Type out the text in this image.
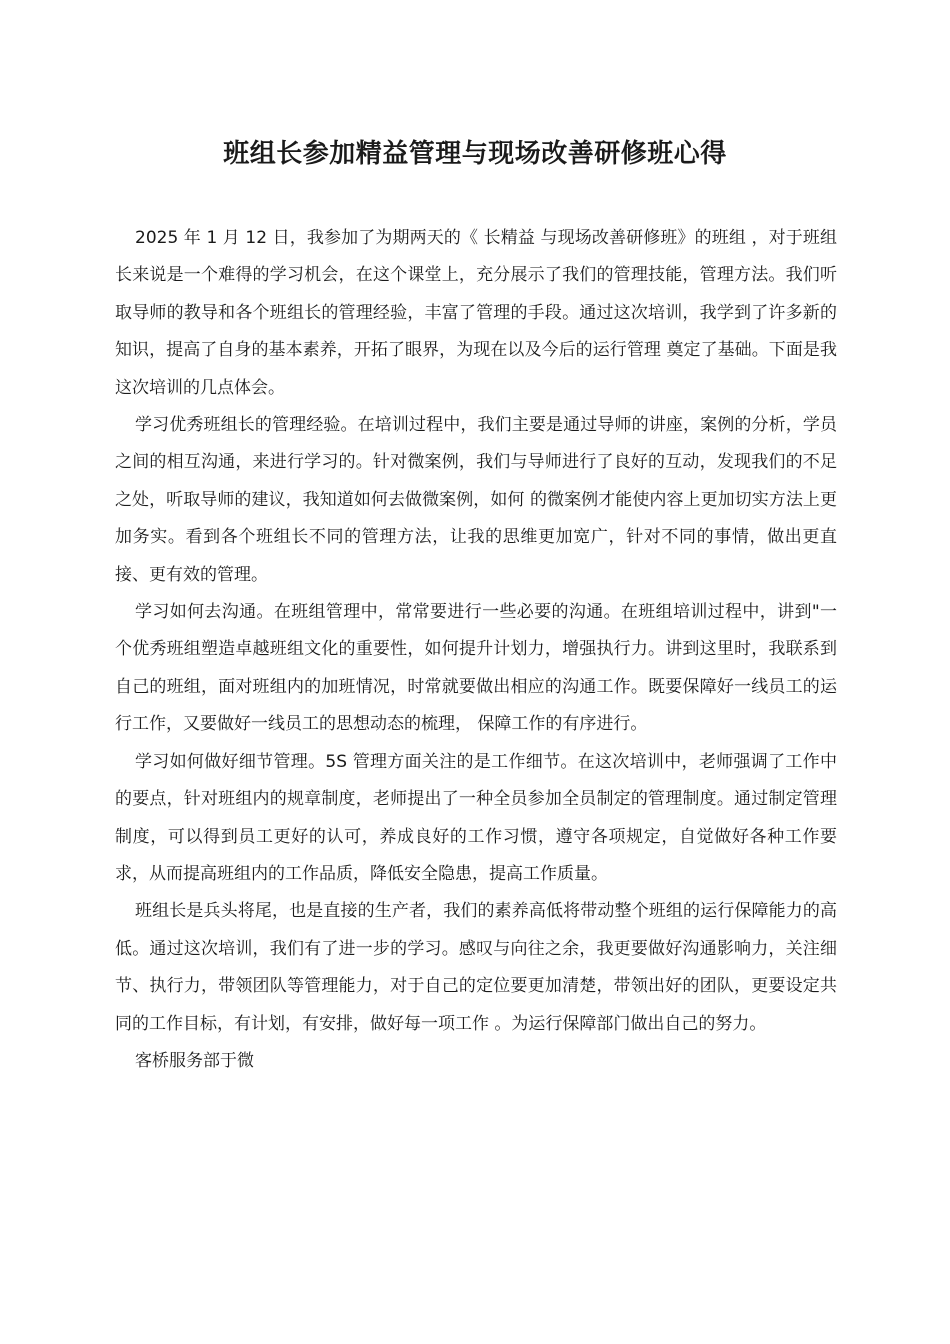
班组长参加精益管理与现场改善研修班心得

2025 年 1 月 12 日，我参加了为期两天的《 长精益 与现场改善研修班》的班组 ，对于班组长来说是一个难得的学习机会，在这个课堂上，充分展示了我们的管理技能，管理方法。我们听取导师的教导和各个班组长的管理经验，丰富了管理的手段。通过这次培训，我学到了许多新的知识，提高了自身的基本素养，开拓了眼界，为现在以及今后的运行管理 奠定了基础。下面是我这次培训的几点体会。

学习优秀班组长的管理经验。在培训过程中，我们主要是通过导师的讲座，案例的分析，学员之间的相互沟通，来进行学习的。针对微案例，我们与导师进行了良好的互动，发现我们的不足之处，听取导师的建议，我知道如何去做微案例，如何 的微案例才能使内容上更加切实方法上更加务实。看到各个班组长不同的管理方法，让我的思维更加宽广，针对不同的事情，做出更直接、更有效的管理。

学习如何去沟通。在班组管理中，常常要进行一些必要的沟通。在班组培训过程中，讲到"一个优秀班组塑造卓越班组文化的重要性，如何提升计划力，增强执行力。讲到这里时，我联系到自己的班组，面对班组内的加班情况，时常就要做出相应的沟通工作。既要保障好一线员工的运行工作，又要做好一线员工的思想动态的梳理， 保障工作的有序进行。

学习如何做好细节管理。5S 管理方面关注的是工作细节。在这次培训中，老师强调了工作中的要点，针对班组内的规章制度，老师提出了一种全员参加全员制定的管理制度。通过制定管理制度，可以得到员工更好的认可，养成良好的工作习惯，遵守各项规定，自觉做好各种工作要求，从而提高班组内的工作品质，降低安全隐患，提高工作质量。

班组长是兵头将尾，也是直接的生产者，我们的素养高低将带动整个班组的运行保障能力的高低。通过这次培训，我们有了进一步的学习。感叹与向往之余，我更要做好沟通影响力，关注细节、执行力，带领团队等管理能力，对于自己的定位要更加清楚，带领出好的团队，更要设定共同的工作目标，有计划，有安排，做好每一项工作 。为运行保障部门做出自己的努力。

客桥服务部于微
